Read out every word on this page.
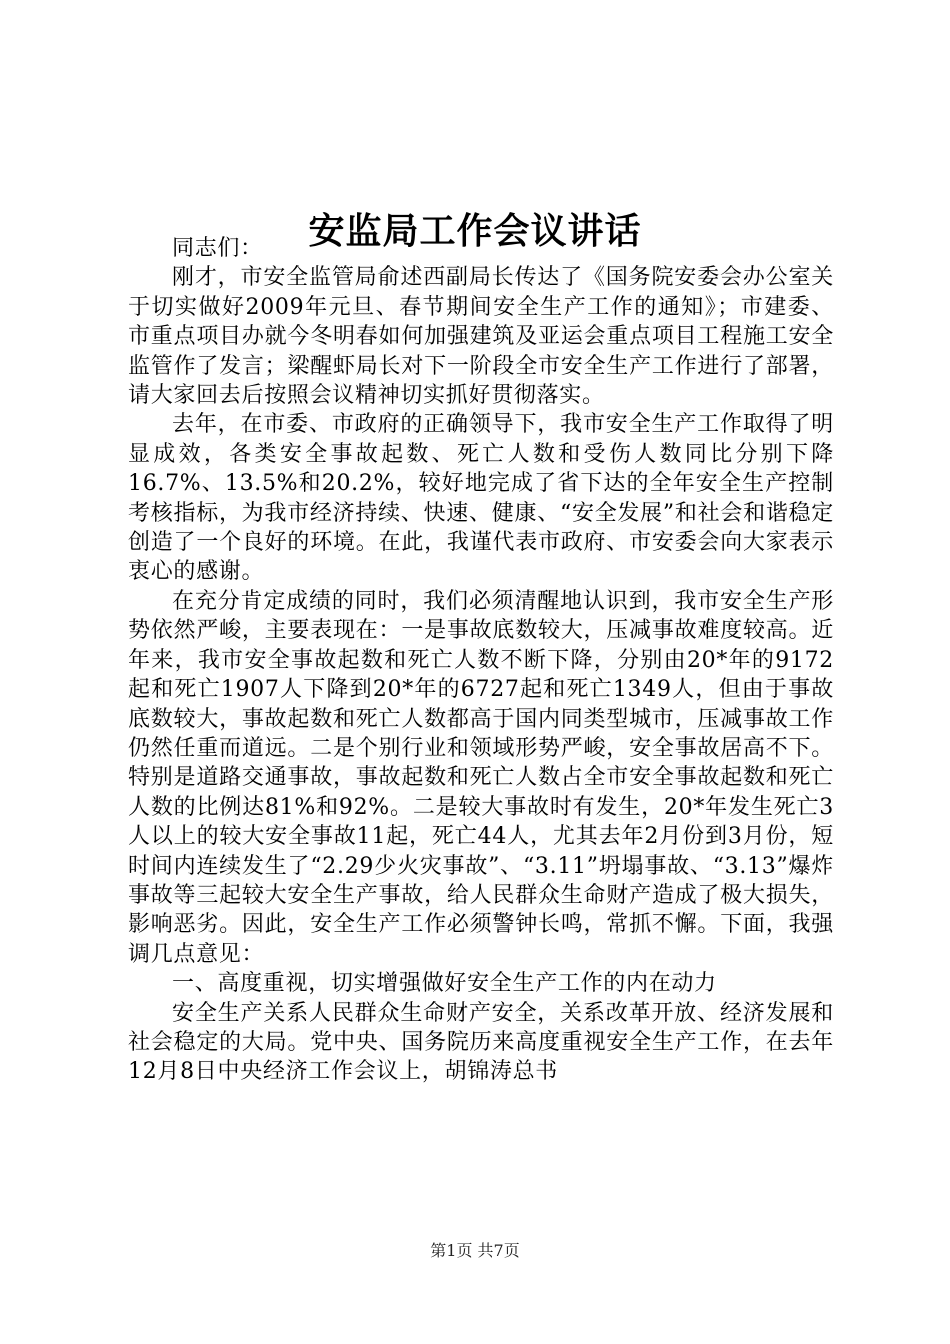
安监局工作会议讲话

同志们：

刚才，市安全监管局俞述西副局长传达了《国务院安委会办公室关于切实做好2009年元旦、春节期间安全生产工作的通知》；市建委、市重点项目办就今冬明春如何加强建筑及亚运会重点项目工程施工安全监管作了发言；梁醒虾局长对下一阶段全市安全生产工作进行了部署，请大家回去后按照会议精神切实抓好贯彻落实。

去年，在市委、市政府的正确领导下，我市安全生产工作取得了明显成效，各类安全事故起数、死亡人数和受伤人数同比分别下降16.7%、13.5%和20.2%，较好地完成了省下达的全年安全生产控制考核指标，为我市经济持续、快速、健康、“安全发展”和社会和谐稳定创造了一个良好的环境。在此，我谨代表市政府、市安委会向大家表示衷心的感谢。

在充分肯定成绩的同时，我们必须清醒地认识到，我市安全生产形势依然严峻，主要表现在：一是事故底数较大，压减事故难度较高。近年来，我市安全事故起数和死亡人数不断下降，分别由20*年的9172起和死亡1907人下降到20*年的6727起和死亡1349人，但由于事故底数较大，事故起数和死亡人数都高于国内同类型城市，压减事故工作仍然任重而道远。二是个别行业和领域形势严峻，安全事故居高不下。特别是道路交通事故，事故起数和死亡人数占全市安全事故起数和死亡人数的比例达81%和92%。二是较大事故时有发生，20*年发生死亡3人以上的较大安全事故11起，死亡44人，尤其去年2月份到3月份，短时间内连续发生了“2.29少火灾事故”、“3.11”坍塌事故、“3.13”爆炸事故等三起较大安全生产事故，给人民群众生命财产造成了极大损失，影响恶劣。因此，安全生产工作必须警钟长鸣，常抓不懈。下面，我强调几点意见：

一、高度重视，切实增强做好安全生产工作的内在动力

安全生产关系人民群众生命财产安全，关系改革开放、经济发展和社会稳定的大局。党中央、国务院历来高度重视安全生产工作，在去年12月8日中央经济工作会议上，胡锦涛总书

第1页 共7页
